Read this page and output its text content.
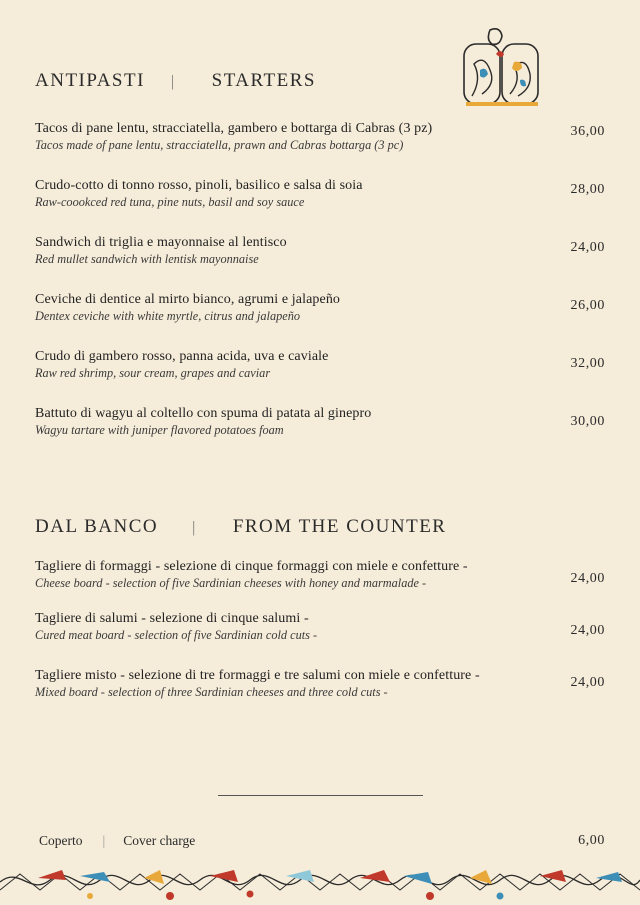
ANTIPASTI | STARTERS
Tacos di pane lentu, stracciatella, gambero e bottarga di Cabras (3 pz)
Tacos made of pane lentu, stracciatella, prawn and Cabras bottarga (3 pc)
36,00
Crudo-cotto di tonno rosso, pinoli, basilico e salsa di soia
Raw-coookced red tuna, pine nuts, basil and soy sauce
28,00
Sandwich di triglia e mayonnaise al lentisco
Red mullet sandwich with lentisk mayonnaise
24,00
Ceviche di dentice al mirto bianco, agrumi e jalapeño
Dentex ceviche with white myrtle, citrus and jalapeño
26,00
Crudo di gambero rosso, panna acida, uva e caviale
Raw red shrimp, sour cream, grapes and caviar
32,00
Battuto di wagyu al coltello con spuma di patata al ginepro
Wagyu tartare with juniper flavored potatoes foam
30,00
DAL BANCO | FROM THE COUNTER
Tagliere di formaggi - selezione di cinque formaggi con miele e confetture -
Cheese board - selection of five Sardinian cheeses with honey and marmalade -	24,00
Tagliere di salumi - selezione di cinque salumi -
Cured meat board - selection of five Sardinian cold cuts -	24,00
Tagliere misto - selezione di tre formaggi e tre salumi con miele e confetture -
Mixed board - selection of three Sardinian cheeses and three cold cuts -
24,00
Coperto | Cover charge	6,00
